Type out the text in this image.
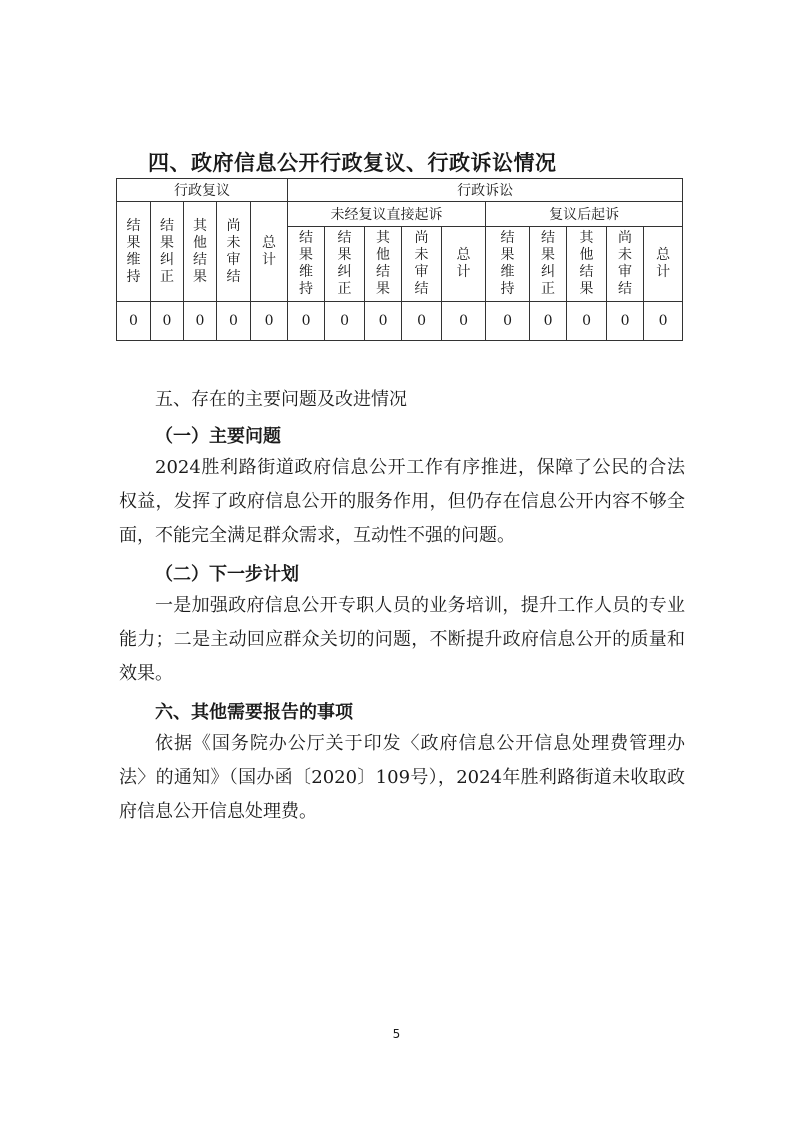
四、政府信息公开行政复议、行政诉讼情况
行政复议					行政诉讼									
结果维持	结果纠正	其他结果	尚未审结	总计	未经复议直接起诉					复议后起诉				
					结果维持	结果纠正	其他结果	尚未审结	总计	结果维持	结果纠正	其他结果	尚未审结	总计
0	0	0	0	0	0	0	0	0	0	0	0	0	0	0
五、存在的主要问题及改进情况
（一）主要问题

2024胜利路街道政府信息公开工作有序推进，保障了公民的合法权益，发挥了政府信息公开的服务作用，但仍存在信息公开内容不够全面，不能完全满足群众需求，互动性不强的问题。

（二）下一步计划

一是加强政府信息公开专职人员的业务培训，提升工作人员的专业能力；二是主动回应群众关切的问题，不断提升政府信息公开的质量和效果。

六、其他需要报告的事项

依据《国务院办公厅关于印发〈政府信息公开信息处理费管理办法〉的通知》（国办函〔2020〕109号），2024年胜利路街道未收取政府信息公开信息处理费。

5
